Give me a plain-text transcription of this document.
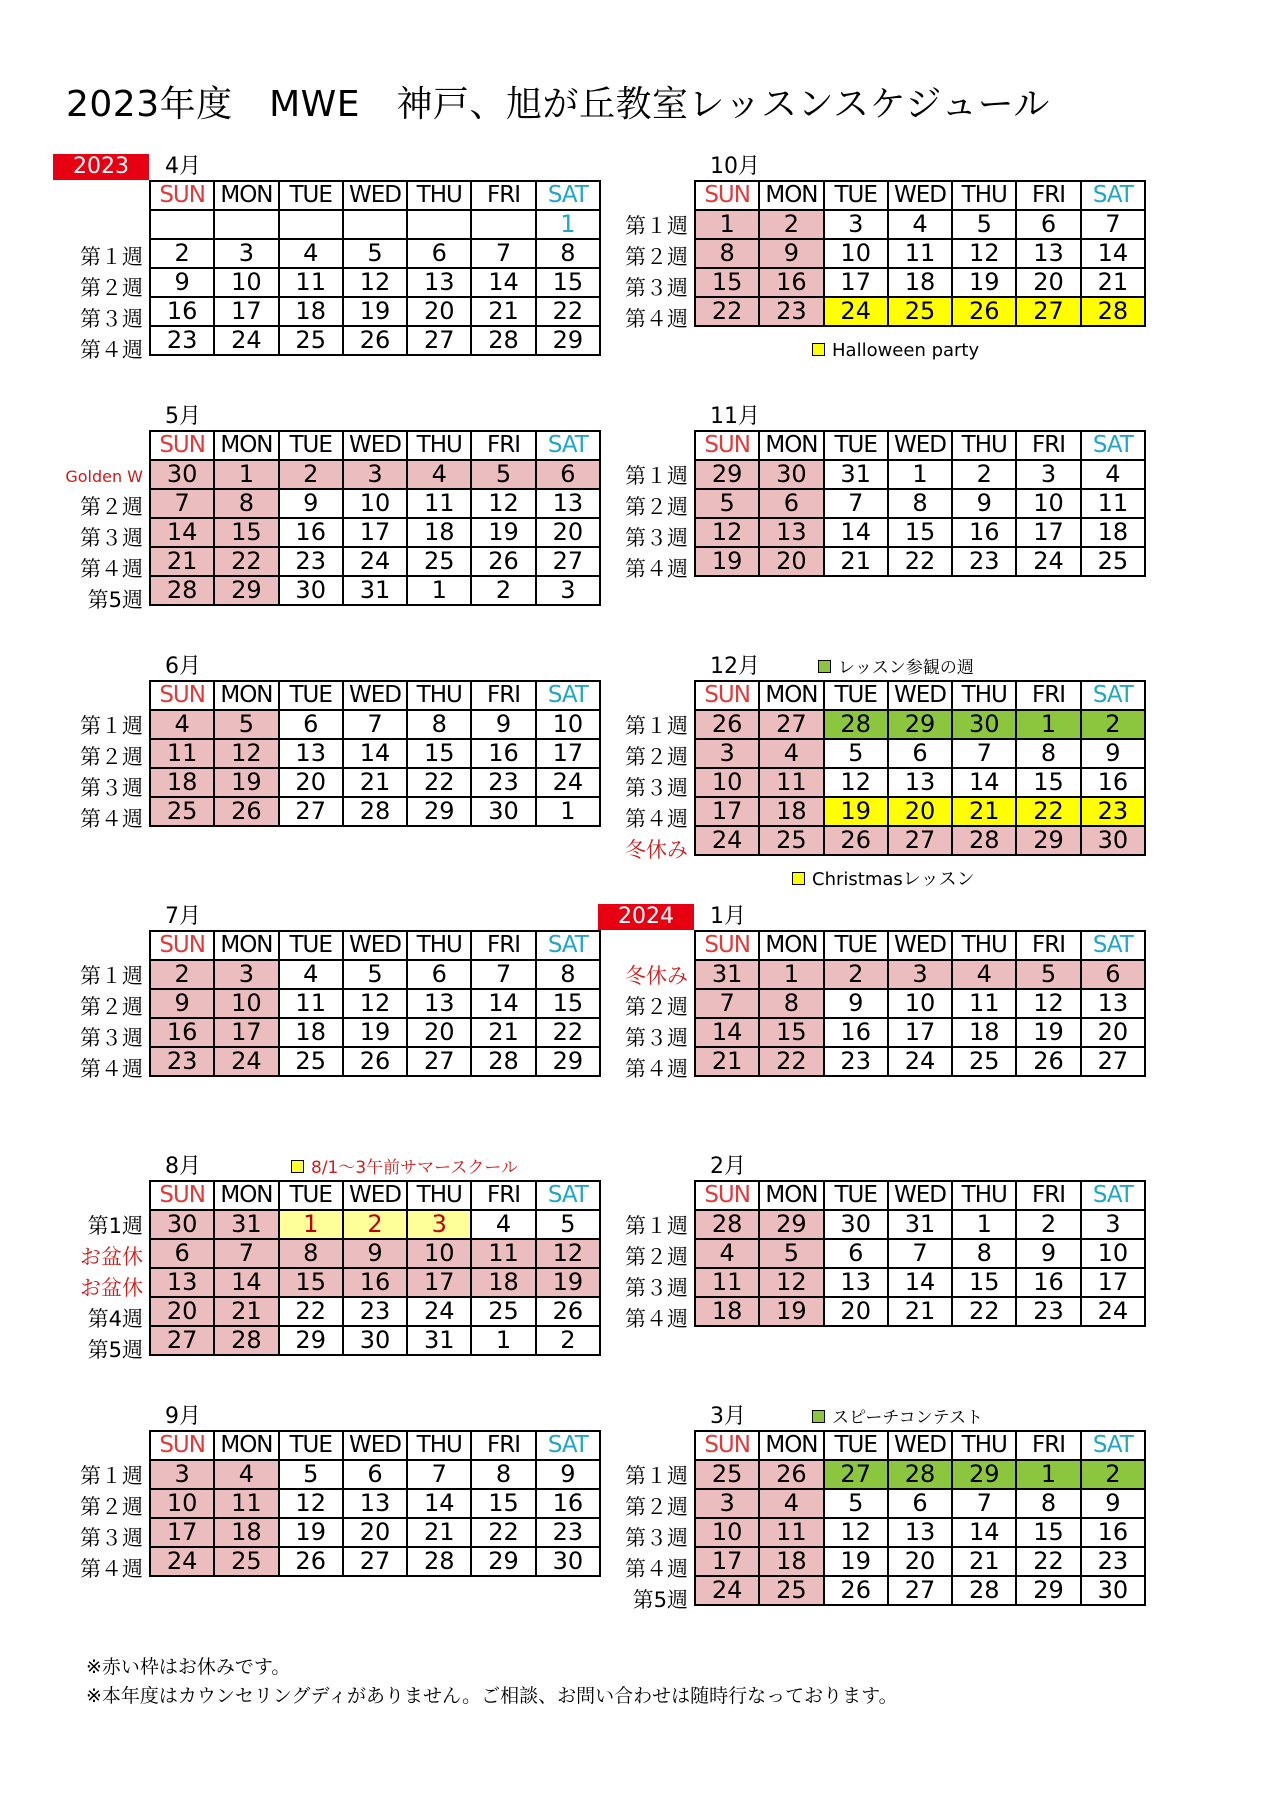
2023年度　MWE　神戸、旭が丘教室レッスンスケジュール
2023	4月
SUN	MON	TUE	WED	THU	FRI	SAT
						1
2	3	4	5	6	7	8
9	10	11	12	13	14	15
16	17	18	19	20	21	22
23	24	25	26	27	28	29
第１週
第２週
第３週
第４週
5月
SUN	MON	TUE	WED	THU	FRI	SAT
30	1	2	3	4	5	6
7	8	9	10	11	12	13
14	15	16	17	18	19	20
21	22	23	24	25	26	27
28	29	30	31	1	2	3
Golden W
第２週
第３週
第４週
第5週
6月
SUN	MON	TUE	WED	THU	FRI	SAT
4	5	6	7	8	9	10
11	12	13	14	15	16	17
18	19	20	21	22	23	24
25	26	27	28	29	30	1
第１週
第２週
第３週
第４週
7月
SUN	MON	TUE	WED	THU	FRI	SAT
2	3	4	5	6	7	8
9	10	11	12	13	14	15
16	17	18	19	20	21	22
23	24	25	26	27	28	29
第１週
第２週
第３週
第４週
8月	8/1～3午前サマースクール
SUN	MON	TUE	WED	THU	FRI	SAT
30	31	1	2	3	4	5
6	7	8	9	10	11	12
13	14	15	16	17	18	19
20	21	22	23	24	25	26
27	28	29	30	31	1	2
第1週
お盆休
お盆休
第4週
第5週
9月
SUN	MON	TUE	WED	THU	FRI	SAT
3	4	5	6	7	8	9
10	11	12	13	14	15	16
17	18	19	20	21	22	23
24	25	26	27	28	29	30
第１週
第２週
第３週
第４週
10月
SUN	MON	TUE	WED	THU	FRI	SAT
1	2	3	4	5	6	7
8	9	10	11	12	13	14
15	16	17	18	19	20	21
22	23	24	25	26	27	28
Halloween party
第１週
第２週
第３週
第４週
11月
SUN	MON	TUE	WED	THU	FRI	SAT
29	30	31	1	2	3	4
5	6	7	8	9	10	11
12	13	14	15	16	17	18
19	20	21	22	23	24	25
第１週
第２週
第３週
第４週
12月	レッスン参観の週
SUN	MON	TUE	WED	THU	FRI	SAT
26	27	28	29	30	1	2
3	4	5	6	7	8	9
10	11	12	13	14	15	16
17	18	19	20	21	22	23
24	25	26	27	28	29	30
Christmasレッスン
第１週
第２週
第３週
第４週
冬休み
2024	1月
SUN	MON	TUE	WED	THU	FRI	SAT
31	1	2	3	4	5	6
7	8	9	10	11	12	13
14	15	16	17	18	19	20
21	22	23	24	25	26	27
冬休み
第２週
第３週
第４週
2月
SUN	MON	TUE	WED	THU	FRI	SAT
28	29	30	31	1	2	3
4	5	6	7	8	9	10
11	12	13	14	15	16	17
18	19	20	21	22	23	24
第１週
第２週
第３週
第４週
3月	スピーチコンテスト
SUN	MON	TUE	WED	THU	FRI	SAT
25	26	27	28	29	1	2
3	4	5	6	7	8	9
10	11	12	13	14	15	16
17	18	19	20	21	22	23
24	25	26	27	28	29	30
第１週
第２週
第３週
第４週
第5週
※赤い枠はお休みです。
※本年度はカウンセリングディがありません。ご相談、お問い合わせは随時行なっております。
